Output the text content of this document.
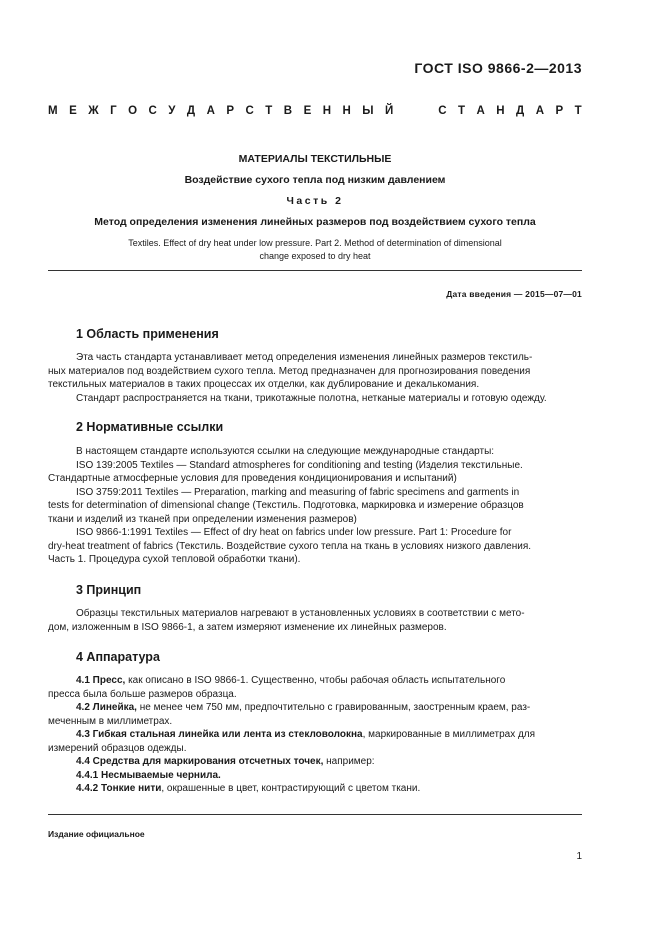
ГОСТ ISO 9866-2—2013
М Е Ж Г О С У Д А Р С Т В Е Н Н Ы Й	С Т А Н Д А Р Т
МАТЕРИАЛЫ ТЕКСТИЛЬНЫЕ
Воздействие сухого тепла под низким давлением
Часть 2
Метод определения изменения линейных размеров под воздействием сухого тепла
Textiles. Effect of dry heat under low pressure. Part 2. Method of determination of dimensional
change exposed to dry heat
Дата введения — 2015—07—01
1 Область применения
Эта часть стандарта устанавливает метод определения изменения линейных размеров текстиль-
ных материалов под воздействием сухого тепла. Метод предназначен для прогнозирования поведения
текстильных материалов в таких процессах их отделки, как дублирование и декалькомания.
Стандарт распространяется на ткани, трикотажные полотна, нетканые материалы и готовую одежду.
2 Нормативные ссылки
В настоящем стандарте используются ссылки на следующие международные стандарты:
ISO 139:2005 Textiles — Standard atmospheres for conditioning and testing (Изделия текстильные.
Стандартные атмосферные условия для проведения кондиционирования и испытаний)
ISO 3759:2011 Textiles — Preparation, marking and measuring of fabric specimens and garments in
tests for determination of dimensional change (Текстиль. Подготовка, маркировка и измерение образцов
ткани и изделий из тканей при определении изменения размеров)
ISO 9866-1:1991 Textiles — Effect of dry heat on fabrics under low pressure. Part 1: Procedure for
dry-heat treatment of fabrics (Текстиль. Воздействие сухого тепла на ткань в условиях низкого давления.
Часть 1. Процедура сухой тепловой обработки ткани).
3 Принцип
Образцы текстильных материалов нагревают в установленных условиях в соответствии с мето-
дом, изложенным в ISO 9866-1, а затем измеряют изменение их линейных размеров.
4 Аппаратура
4.1 Пресс, как описано в ISO 9866-1. Существенно, чтобы рабочая область испытательного
пресса была больше размеров образца.
4.2 Линейка, не менее чем 750 мм, предпочтительно с гравированным, заостренным краем, раз-
меченным в миллиметрах.
4.3 Гибкая стальная линейка или лента из стекловолокна, маркированные в миллиметрах для
измерений образцов одежды.
4.4 Средства для маркирования отсчетных точек, например:
4.4.1 Несмываемые чернила.
4.4.2 Тонкие нити, окрашенные в цвет, контрастирующий с цветом ткани.
Издание официальное
1
